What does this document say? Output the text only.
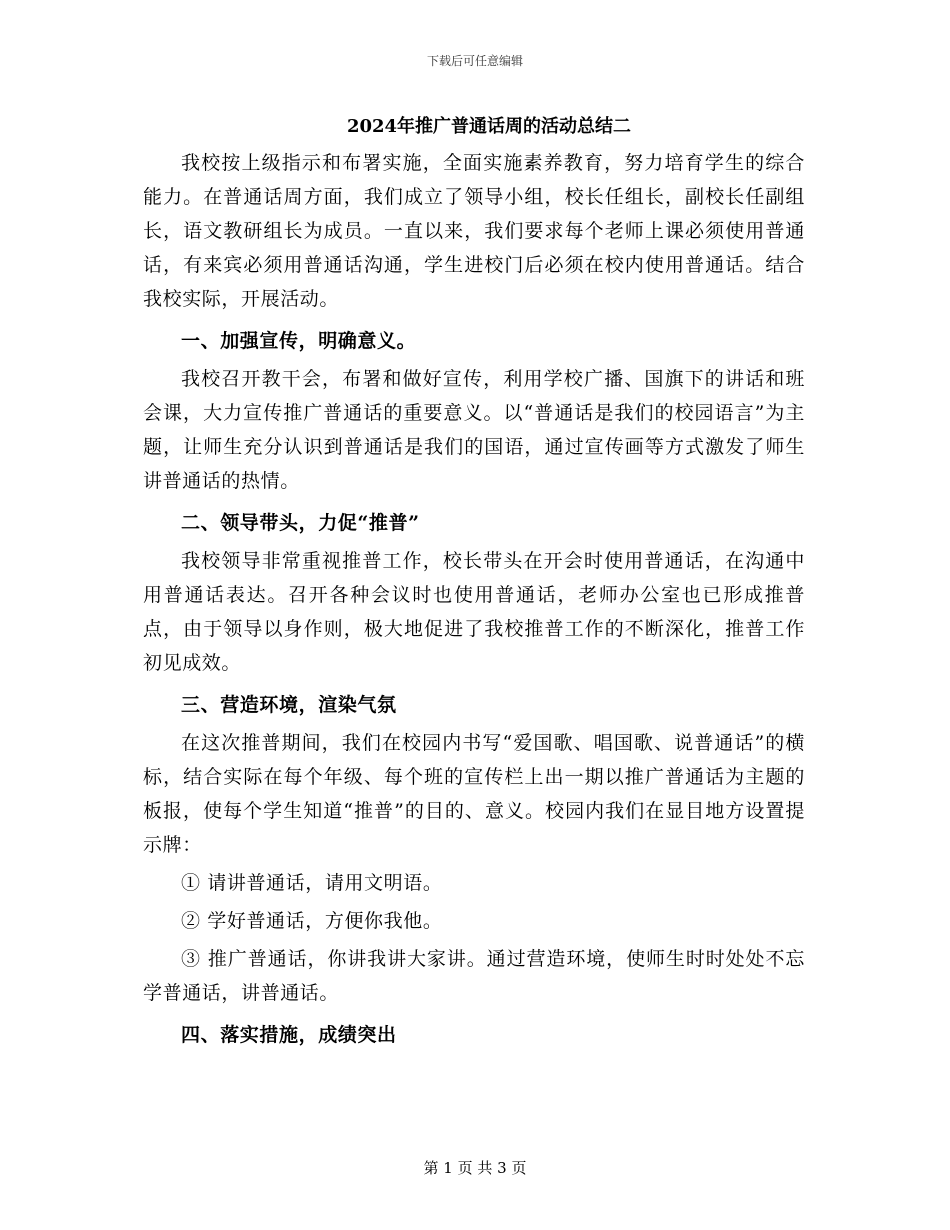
下载后可任意编辑
2024年推广普通话周的活动总结二

我校按上级指示和布署实施，全面实施素养教育，努力培育学生的综合能力。在普通话周方面，我们成立了领导小组，校长任组长，副校长任副组长，语文教研组长为成员。一直以来，我们要求每个老师上课必须使用普通话，有来宾必须用普通话沟通，学生进校门后必须在校内使用普通话。结合我校实际，开展活动。

一、加强宣传，明确意义。

我校召开教干会，布署和做好宣传，利用学校广播、国旗下的讲话和班会课，大力宣传推广普通话的重要意义。以“普通话是我们的校园语言”为主题，让师生充分认识到普通话是我们的国语，通过宣传画等方式激发了师生讲普通话的热情。

二、领导带头，力促“推普”

我校领导非常重视推普工作，校长带头在开会时使用普通话，在沟通中用普通话表达。召开各种会议时也使用普通话，老师办公室也已形成推普点，由于领导以身作则，极大地促进了我校推普工作的不断深化，推普工作初见成效。

三、营造环境，渲染气氛

在这次推普期间，我们在校园内书写“爱国歌、唱国歌、说普通话”的横标，结合实际在每个年级、每个班的宣传栏上出一期以推广普通话为主题的板报，使每个学生知道“推普”的目的、意义。校园内我们在显目地方设置提示牌：

① 请讲普通话，请用文明语。

② 学好普通话，方便你我他。

③ 推广普通话，你讲我讲大家讲。通过营造环境，使师生时时处处不忘学普通话，讲普通话。

四、落实措施，成绩突出

第 1 页 共 3 页
